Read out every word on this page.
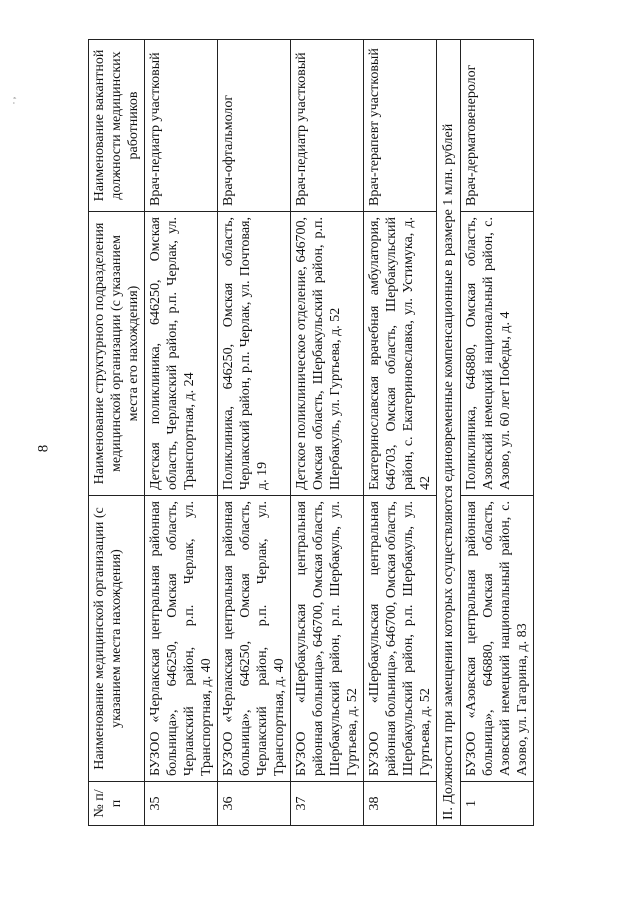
. ,
8
№ п/п	Наименование медицинской организации (с указанием места нахождения)	Наименование структурного подразделения медицинской организации (с указанием места его нахождения)	Наименование вакантной должности медицинских работников
35	БУЗОО «Черлакская центральная районная больница», 646250, Омская область, Черлакский район, р.п. Черлак, ул. Транспортная, д. 40	Детская поликлиника, 646250, Омская область, Черлакский район, р.п. Черлак, ул. Транспортная, д. 24	Врач-педиатр участковый
36	БУЗОО «Черлакская центральная районная больница», 646250, Омская область, Черлакский район, р.п. Черлак, ул. Транспортная, д. 40	Поликлиника, 646250, Омская область, Черлакский район, р.п. Черлак, ул. Почтовая, д. 19	Врач-офтальмолог
37	БУЗОО «Шербакульская центральная районная больница», 646700, Омская область, Шербакульский район, р.п. Шербакуль, ул. Гуртьева, д. 52	Детское поликлиническое отделение, 646700, Омская область, Шербакульский район, р.п. Шербакуль, ул. Гуртьева, д. 52	Врач-педиатр участковый
38	БУЗОО «Шербакульская центральная районная больница», 646700, Омская область, Шербакульский район, р.п. Шербакуль, ул. Гуртьева, д. 52	Екатеринославская врачебная амбулатория, 646703, Омская область, Шербакульский район, с. Екатериновславка, ул. Устимука, д. 42	Врач-терапевт участковый
II. Должности при замещении которых осуществляются единовременные компенсационные в размере 1 млн. рублей			
1	БУЗОО «Азовская центральная районная больница», 646880, Омская область, Азовский немецкий национальный район, с. Азово, ул. Гагарина, д. 83	Поликлиника, 646880, Омская область, Азовский немецкий национальный район, с. Азово, ул. 60 лет Победы, д. 4	Врач-дерматовенеролог
